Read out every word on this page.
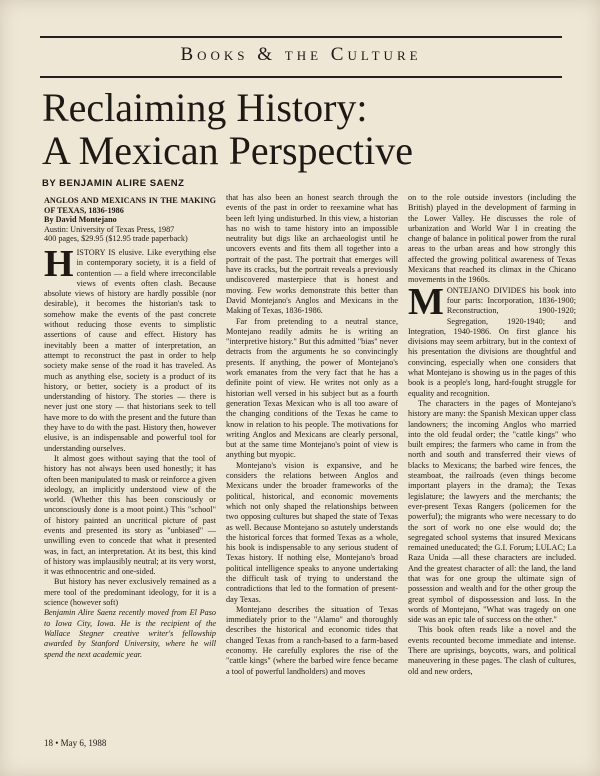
Books & the Culture
Reclaiming History:
A Mexican Perspective
BY BENJAMIN ALIRE SAENZ
ANGLOS AND MEXICANS IN THE MAKING OF TEXAS, 1836-1986
By David Montejano
Austin: University of Texas Press, 1987
400 pages, $29.95 ($12.95 trade paperback)

HISTORY IS elusive. Like everything else in contemporary society, it is a field of contention — a field where irreconcilable views of events often clash. Because absolute views of history are hardly possible (nor desirable), it becomes the historian's task to somehow make the events of the past concrete without reducing those events to simplistic assertions of cause and effect. History has inevitably been a matter of interpretation, an attempt to reconstruct the past in order to help society make sense of the road it has traveled. As much as anything else, society is a product of its history, or better, society is a product of its understanding of history. The stories — there is never just one story — that historians seek to tell have more to do with the present and the future than they have to do with the past. History then, however elusive, is an indispensable and powerful tool for understanding ourselves.

It almost goes without saying that the tool of history has not always been used honestly; it has often been manipulated to mask or reinforce a given ideology, an implicitly understood view of the world. (Whether this has been consciously or unconsciously done is a moot point.) This "school" of history painted an uncritical picture of past events and presented its story as "unbiased" — unwilling even to concede that what it presented was, in fact, an interpretation. At its best, this kind of history was implausibly neutral; at its very worst, it was ethnocentric and one-sided.

But history has never exclusively remained as a mere tool of the predominant ideology, for it is a science (however soft)

Benjamin Alire Saenz recently moved from El Paso to Iowa City, Iowa. He is the recipient of the Wallace Stegner creative writer's fellowship awarded by Stanford University, where he will spend the next academic year.

that has also been an honest search through the events of the past in order to reexamine what has been left lying undisturbed. In this view, a historian has no wish to tame history into an impossible neutrality but digs like an archaeologist until he uncovers events and fits them all together into a portrait of the past. The portrait that emerges will have its cracks, but the portrait reveals a previously undiscovered masterpiece that is honest and moving. Few works demonstrate this better than David Montejano's Anglos and Mexicans in the Making of Texas, 1836-1986.

Far from pretending to a neutral stance, Montejano readily admits he is writing an "interpretive history." But this admitted "bias" never detracts from the arguments he so convincingly presents. If anything, the power of Montejano's work emanates from the very fact that he has a definite point of view. He writes not only as a historian well versed in his subject but as a fourth generation Texas Mexican who is all too aware of the changing conditions of the Texas he came to know in relation to his people. The motivations for writing Anglos and Mexicans are clearly personal, but at the same time Montejano's point of view is anything but myopic.

Montejano's vision is expansive, and he considers the relations between Anglos and Mexicans under the broader frameworks of the political, historical, and economic movements which not only shaped the relationships between two opposing cultures but shaped the state of Texas as well. Because Montejano so astutely understands the historical forces that formed Texas as a whole, his book is indispensable to any serious student of Texas history. If nothing else, Montejano's broad political intelligence speaks to anyone undertaking the difficult task of trying to understand the contradictions that led to the formation of present-day Texas.

Montejano describes the situation of Texas immediately prior to the "Alamo" and thoroughly describes the historical and economic tides that changed Texas from a ranch-based to a farm-based economy. He carefully explores the rise of the "cattle kings" (where the barbed wire fence became a tool of powerful landholders) and moves

on to the role outside investors (including the British) played in the development of farming in the Lower Valley. He discusses the role of urbanization and World War I in creating the change of balance in political power from the rural areas to the urban areas and how strongly this affected the growing political awareness of Texas Mexicans that reached its climax in the Chicano movements in the 1960s.

MONTEJANO DIVIDES his book into four parts: Incorporation, 1836-1900; Reconstruction, 1900-1920; Segregation, 1920-1940; and Integration, 1940-1986. On first glance his divisions may seem arbitrary, but in the context of his presentation the divisions are thoughtful and convincing, especially when one considers that what Montejano is showing us in the pages of this book is a people's long, hard-fought struggle for equality and recognition.

The characters in the pages of Montejano's history are many: the Spanish Mexican upper class landowners; the incoming Anglos who married into the old feudal order; the "cattle kings" who built empires; the farmers who came in from the north and south and transferred their views of blacks to Mexicans; the barbed wire fences, the steamboat, the railroads (even things become important players in the drama); the Texas legislature; the lawyers and the merchants; the ever-present Texas Rangers (policemen for the powerful); the migrants who were necessary to do the sort of work no one else would do; the segregated school systems that insured Mexicans remained uneducated; the G.I. Forum; LULAC; La Raza Unida —all these characters are included. And the greatest character of all: the land, the land that was for one group the ultimate sign of possession and wealth and for the other group the great symbol of dispossession and loss. In the words of Montejano, "What was tragedy on one side was an epic tale of success on the other."

This book often reads like a novel and the events recounted become immediate and intense. There are uprisings, boycotts, wars, and political maneuvering in these pages. The clash of cultures, old and new orders,

18 • May 6, 1988
